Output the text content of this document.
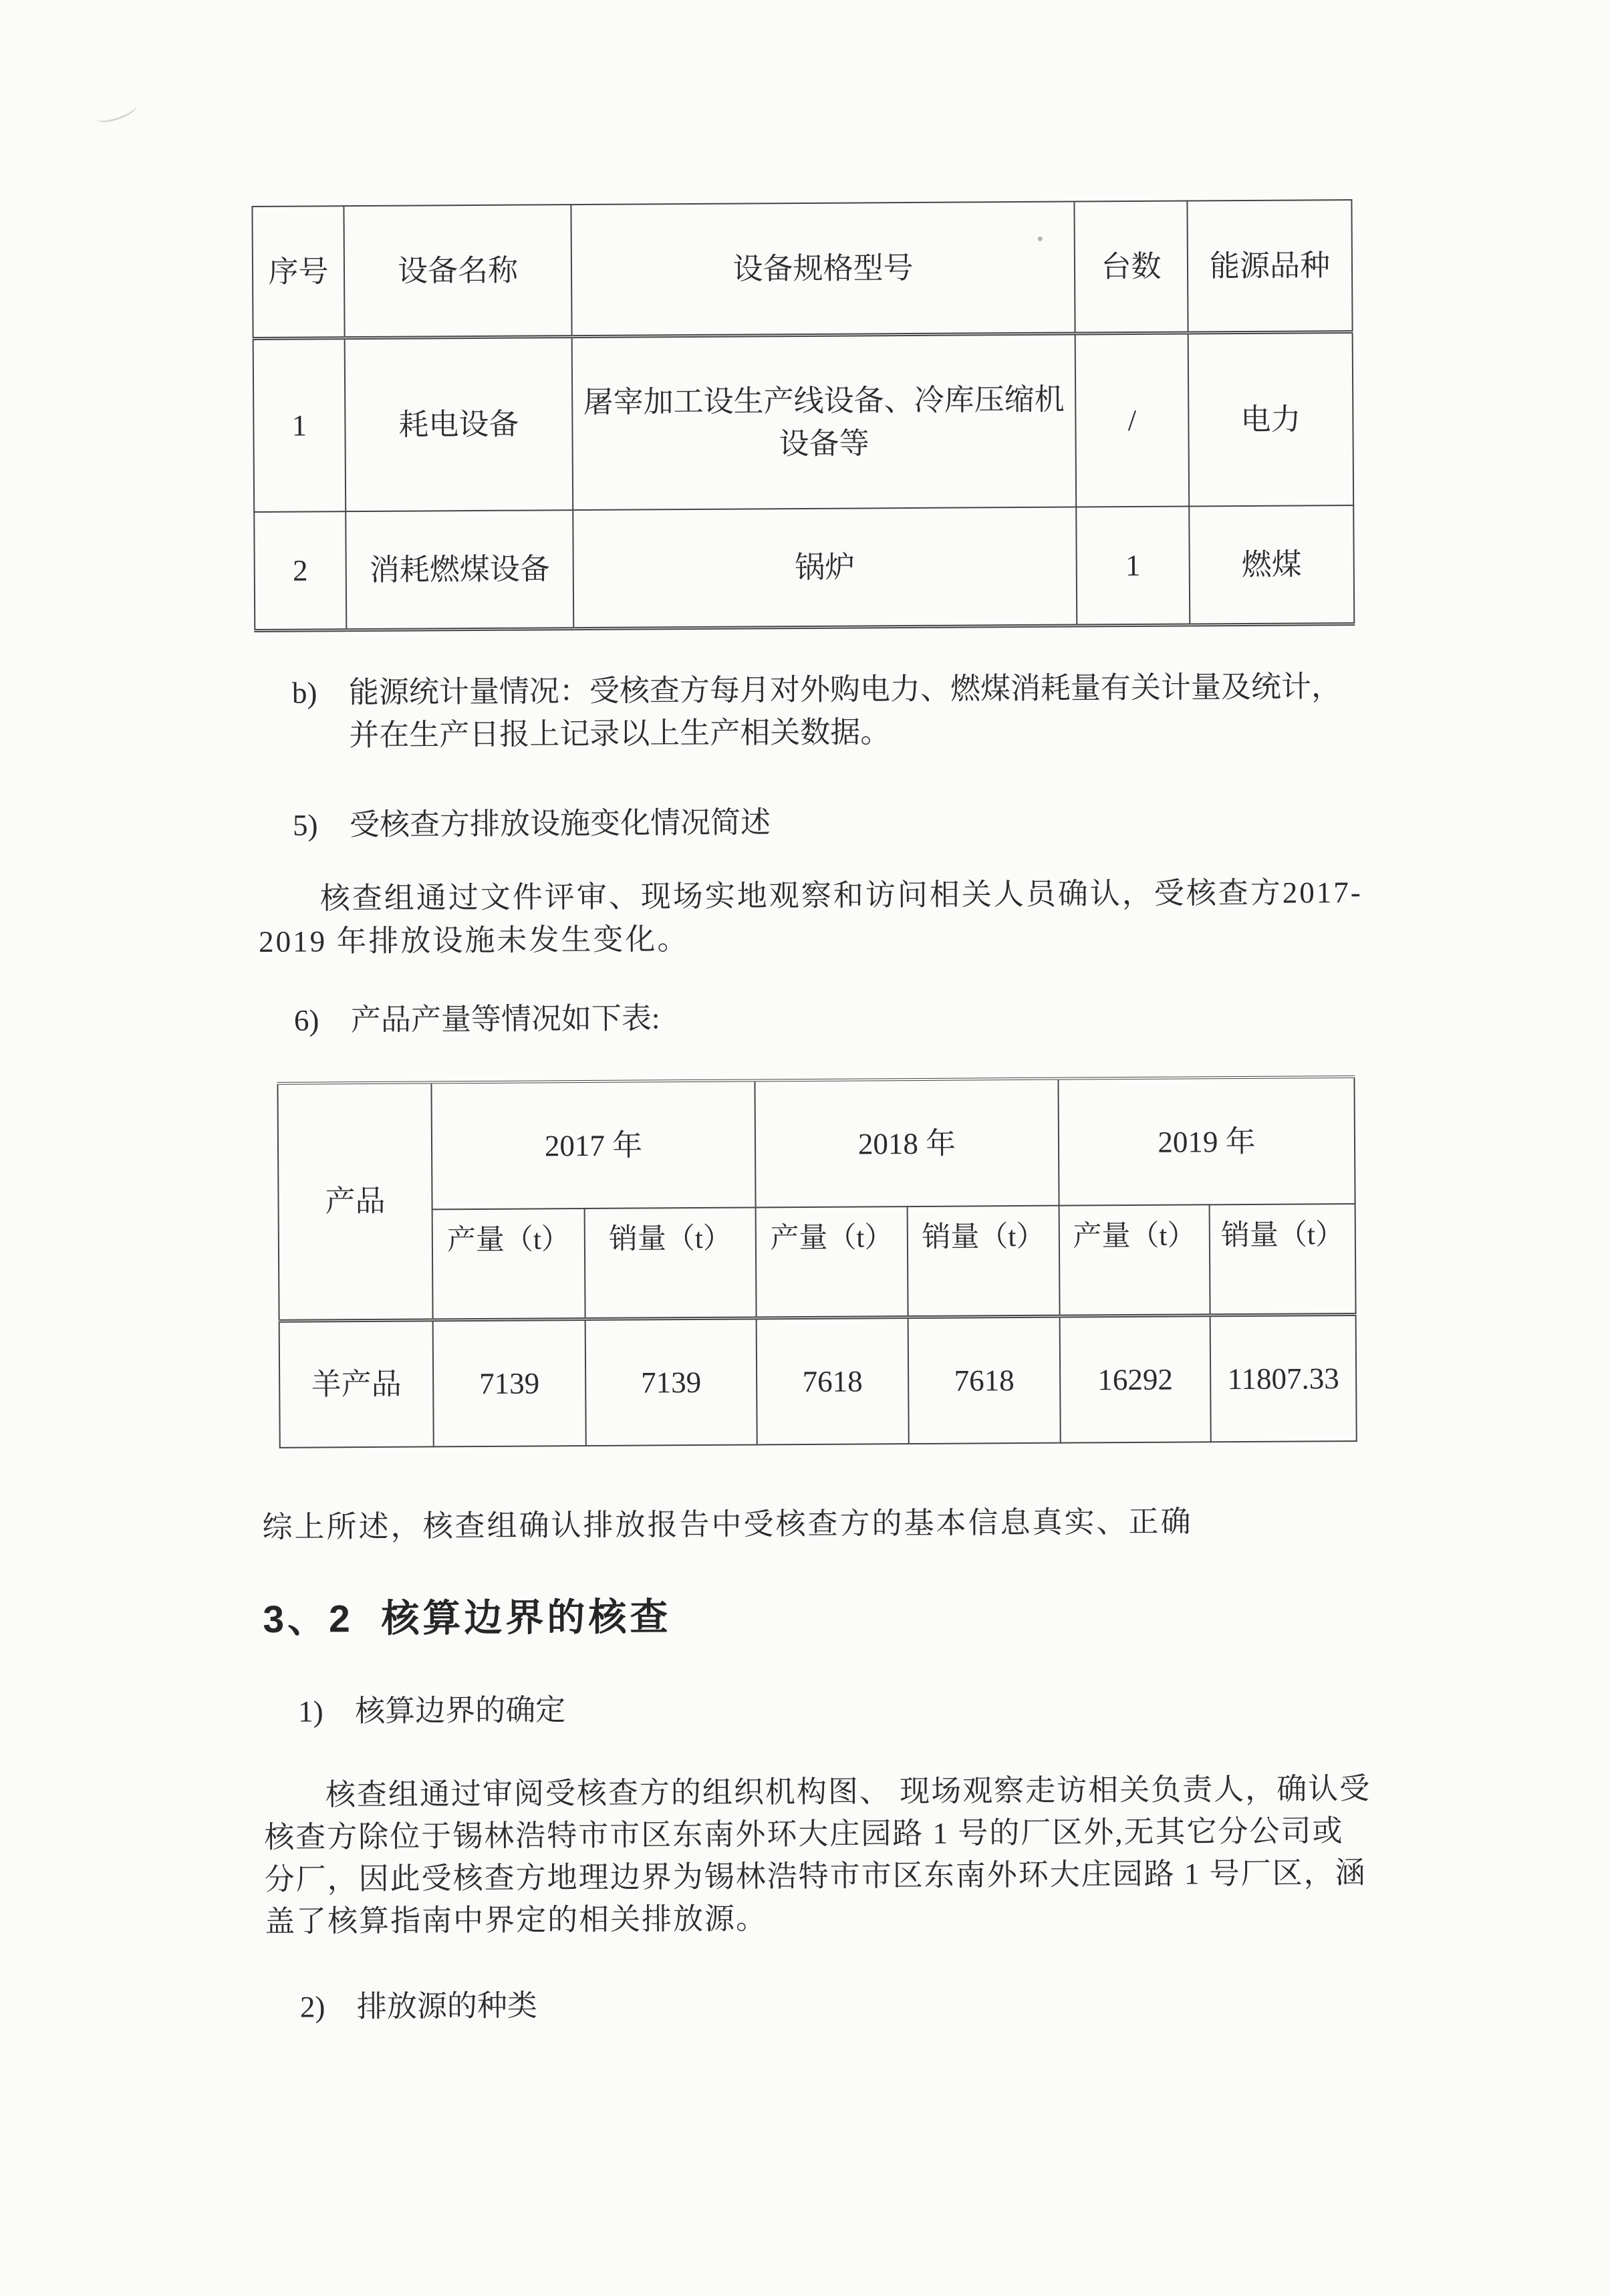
序号	设备名称	设备规格型号	台数	能源品种
1	耗电设备	屠宰加工设生产线设备、冷库压缩机设备等	/	电力
2	消耗燃煤设备	锅炉	1	燃煤
b)	能源统计量情况：受核查方每月对外购电力、燃煤消耗量有关计量及统计，并在生产日报上记录以上生产相关数据。
5)	受核查方排放设施变化情况简述
核查组通过文件评审、现场实地观察和访问相关人员确认，受核查方2017-2019 年排放设施未发生变化。
6)	产品产量等情况如下表:
产品	2017 年		2018 年		2019 年	
	产量（t）	销量（t）	产量（t）	销量（t）	产量（t）	销量（t）
羊产品	7139	7139	7618	7618	16292	11807.33
综上所述，核查组确认排放报告中受核查方的基本信息真实、正确
3、2  核算边界的核查
1)	核算边界的确定
核查组通过审阅受核查方的组织机构图、 现场观察走访相关负责人，确认受核查方除位于锡林浩特市市区东南外环大庄园路 1 号的厂区外,无其它分公司或分厂，因此受核查方地理边界为锡林浩特市市区东南外环大庄园路 1 号厂区，涵盖了核算指南中界定的相关排放源。
2)	排放源的种类
